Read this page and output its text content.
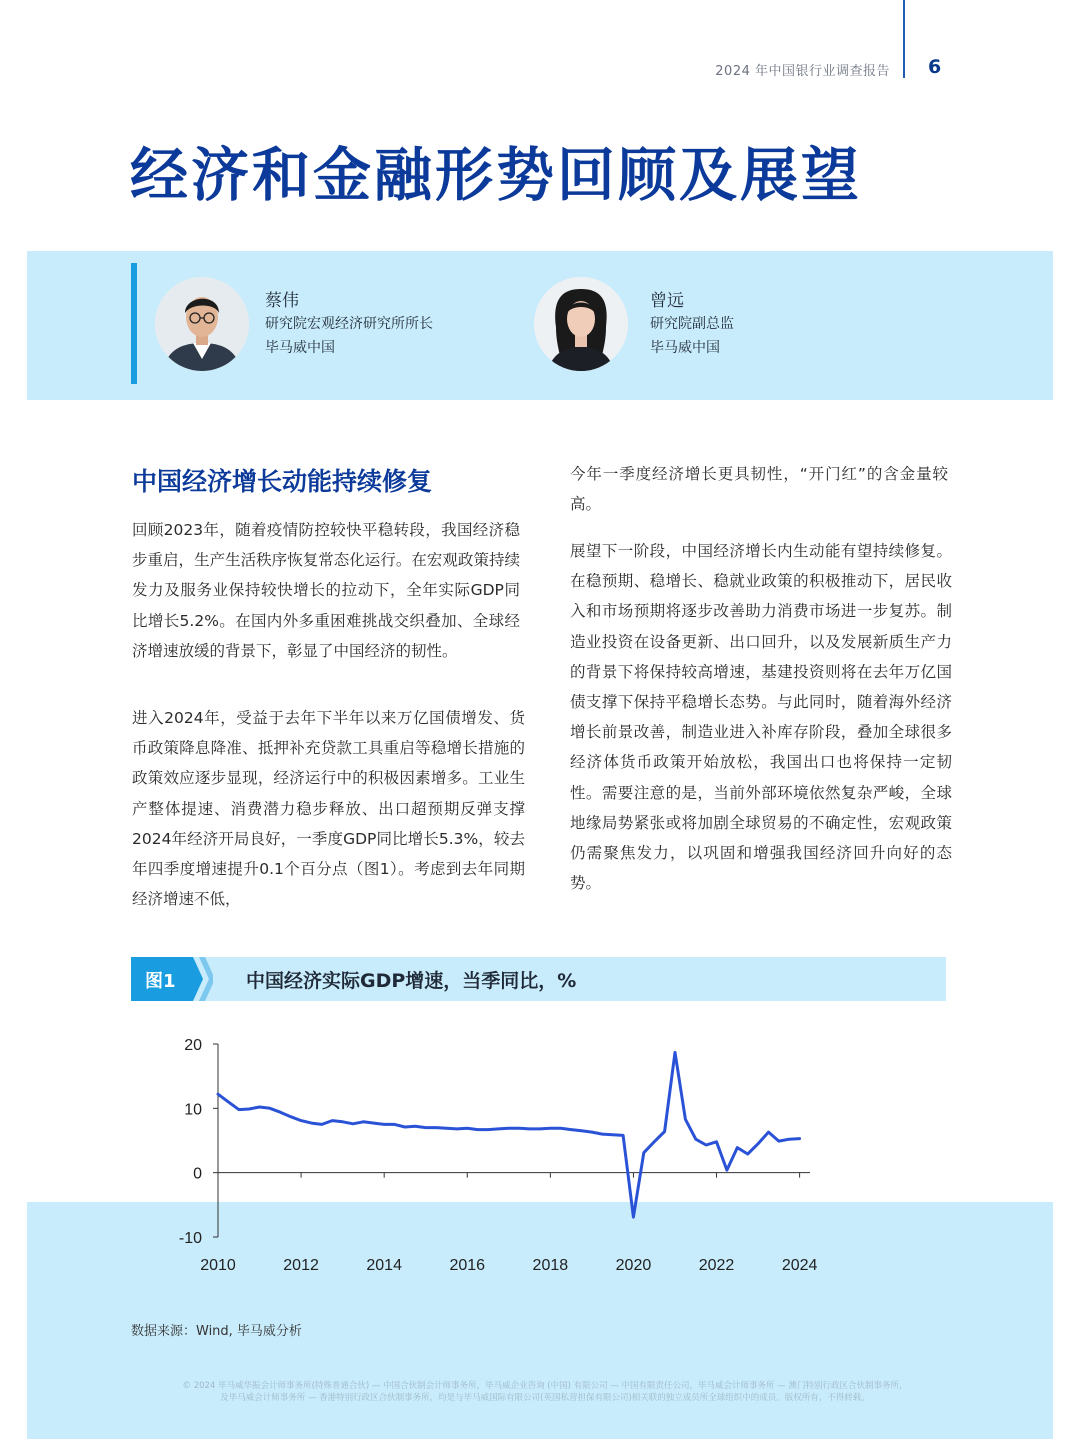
2024 年中国银行业调查报告 6
经济和金融形势回顾及展望
蔡伟
研究院宏观经济研究所所长
毕马威中国
曾远
研究院副总监
毕马威中国
中国经济增长动能持续修复

回顾2023年，随着疫情防控较快平稳转段，我国经济稳步重启，生产生活秩序恢复常态化运行。在宏观政策持续发力及服务业保持较快增长的拉动下，全年实际GDP同比增长5.2%。在国内外多重困难挑战交织叠加、全球经济增速放缓的背景下，彰显了中国经济的韧性。

进入2024年，受益于去年下半年以来万亿国债增发、货币政策降息降准、抵押补充贷款工具重启等稳增长措施的政策效应逐步显现，经济运行中的积极因素增多。工业生产整体提速、消费潜力稳步释放、出口超预期反弹支撑2024年经济开局良好，一季度GDP同比增长5.3%，较去年四季度增速提升0.1个百分点（图1）。考虑到去年同期经济增速不低，

今年一季度经济增长更具韧性，“开门红”的含金量较高。

展望下一阶段，中国经济增长内生动能有望持续修复。在稳预期、稳增长、稳就业政策的积极推动下，居民收入和市场预期将逐步改善助力消费市场进一步复苏。制造业投资在设备更新、出口回升，以及发展新质生产力的背景下将保持较高增速，基建投资则将在去年万亿国债支撑下保持平稳增长态势。与此同时，随着海外经济增长前景改善，制造业进入补库存阶段，叠加全球很多经济体货币政策开始放松，我国出口也将保持一定韧性。需要注意的是，当前外部环境依然复杂严峻，全球地缘局势紧张或将加剧全球贸易的不确定性，宏观政策仍需聚焦发力，以巩固和增强我国经济回升向好的态势。

图1	中国经济实际GDP增速，当季同比，%
20
10
0
-10
2010	2012	2014	2016	2018	2020	2022	2024
数据来源：Wind, 毕马威分析
© 2024 毕马威华振会计师事务所(特殊普通合伙) — 中国合伙制会计师事务所，毕马威企业咨询 (中国) 有限公司 — 中国有限责任公司，毕马威会计师事务所 — 澳门特别行政区合伙制事务所，及毕马威会计师事务所 — 香港特别行政区合伙制事务所，均是与毕马威国际有限公司(英国私营担保有限公司)相关联的独立成员所全球组织中的成员。版权所有，不得转载。
